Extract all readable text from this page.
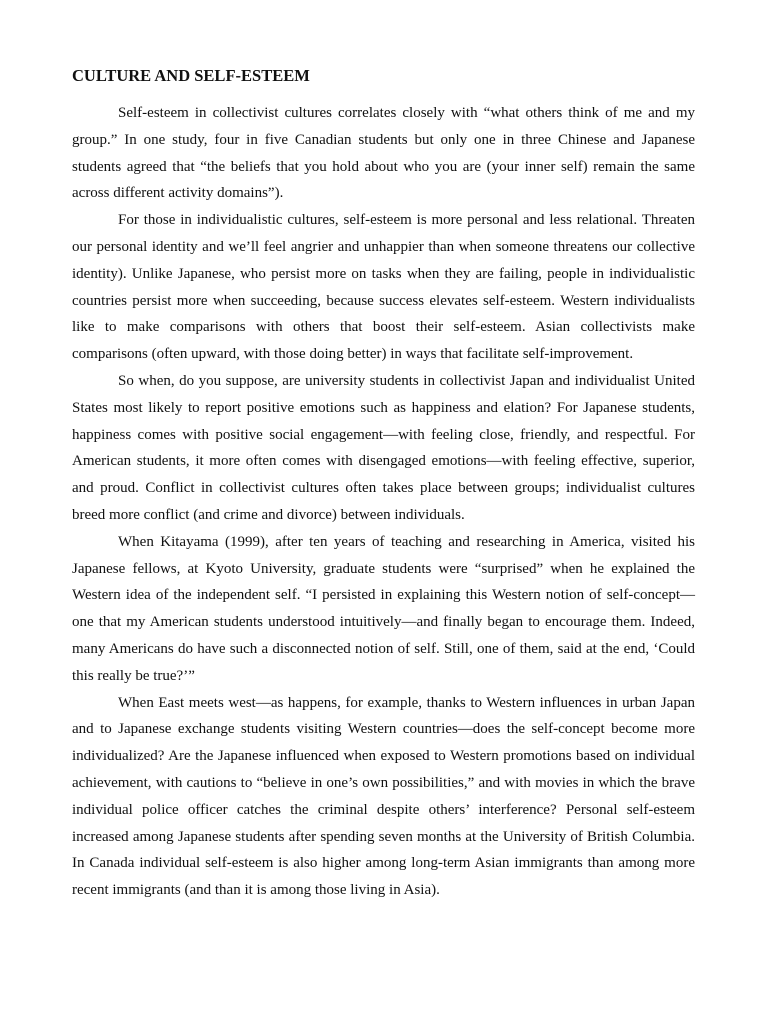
CULTURE AND SELF-ESTEEM

Self-esteem in collectivist cultures correlates closely with “what others think of me and my group.” In one study, four in five Canadian students but only one in three Chinese and Japanese students agreed that “the beliefs that you hold about who you are (your inner self) remain the same across different activity domains”).

For those in individualistic cultures, self-esteem is more personal and less relational. Threaten our personal identity and we’ll feel angrier and unhappier than when someone threatens our collective identity). Unlike Japanese, who persist more on tasks when they are failing, people in individualistic countries persist more when succeeding, because success elevates self-esteem. Western individualists like to make comparisons with others that boost their self-esteem. Asian collectivists make comparisons (often upward, with those doing better) in ways that facilitate self-improvement.

So when, do you suppose, are university students in collectivist Japan and individualist United States most likely to report positive emotions such as happiness and elation? For Japanese students, happiness comes with positive social engagement—with feeling close, friendly, and respectful. For American students, it more often comes with disengaged emotions—with feeling effective, superior, and proud. Conflict in collectivist cultures often takes place between groups; individualist cultures breed more conflict (and crime and divorce) between individuals.

When Kitayama (1999), after ten years of teaching and researching in America, visited his Japanese fellows, at Kyoto University, graduate students were “surprised” when he explained the Western idea of the independent self. “I persisted in explaining this Western notion of self-concept—one that my American students understood intuitively—and finally began to encourage them. Indeed, many Americans do have such a disconnected notion of self. Still, one of them, said at the end, ‘Could this really be true?’”

When East meets west—as happens, for example, thanks to Western influences in urban Japan and to Japanese exchange students visiting Western countries—does the self-concept become more individualized? Are the Japanese influenced when exposed to Western promotions based on individual achievement, with cautions to “believe in one’s own possibilities,” and with movies in which the brave individual police officer catches the criminal despite others’ interference? Personal self-esteem increased among Japanese students after spending seven months at the University of British Columbia. In Canada individual self-esteem is also higher among long-term Asian immigrants than among more recent immigrants (and than it is among those living in Asia).
